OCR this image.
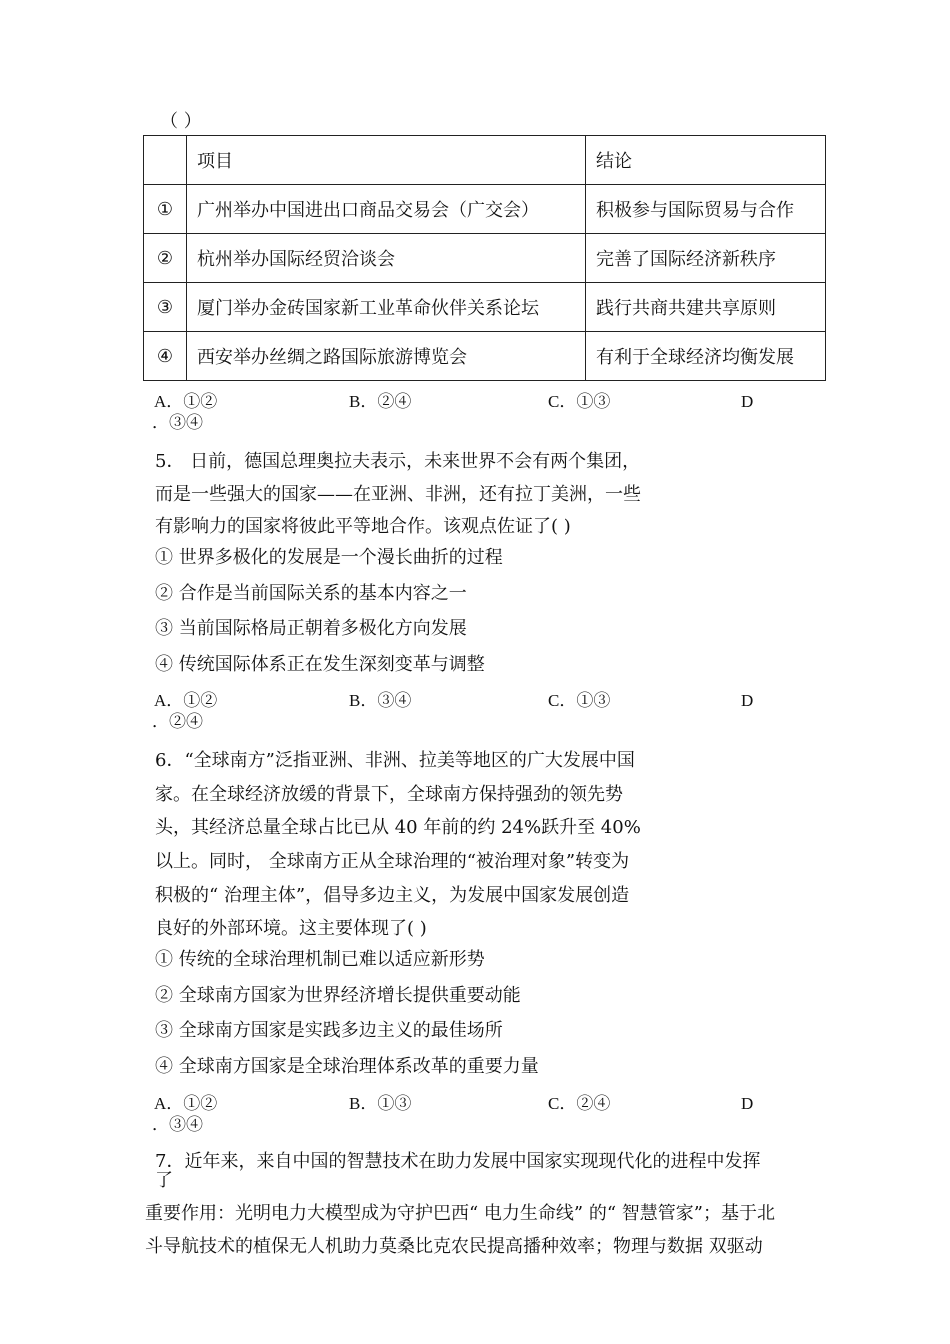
（ ）
	项目	结论
①	广州举办中国进出口商品交易会（广交会）	积极参与国际贸易与合作
②	杭州举办国际经贸洽谈会	完善了国际经济新秩序
③	厦门举办金砖国家新工业革命伙伴关系论坛	践行共商共建共享原则
④	西安举办丝绸之路国际旅游博览会	有利于全球经济均衡发展
A．①②	B．②④	C．①③	D
．③④
5． 日前，德国总理奥拉夫表示，未来世界不会有两个集团，
而是一些强大的国家——在亚洲、非洲，还有拉丁美洲，一些
有影响力的国家将彼此平等地合作。该观点佐证了( )
① 世界多极化的发展是一个漫长曲折的过程
② 合作是当前国际关系的基本内容之一
③ 当前国际格局正朝着多极化方向发展
④ 传统国际体系正在发生深刻变革与调整
A．①②	B．③④	C．①③	D
．②④
6．“全球南方”泛指亚洲、非洲、拉美等地区的广大发展中国
家。在全球经济放缓的背景下，全球南方保持强劲的领先势
头，其经济总量全球占比已从 40 年前的约 24%跃升至 40%
以上。同时， 全球南方正从全球治理的“被治理对象”转变为
积极的“ 治理主体”，倡导多边主义，为发展中国家发展创造
良好的外部环境。这主要体现了( )
① 传统的全球治理机制已难以适应新形势
② 全球南方国家为世界经济增长提供重要动能
③ 全球南方国家是实践多边主义的最佳场所
④ 全球南方国家是全球治理体系改革的重要力量
A．①②	B．①③	C．②④	D
．③④
7．近年来，来自中国的智慧技术在助力发展中国家实现现代化的进程中发挥
了
重要作用：光明电力大模型成为守护巴西“ 电力生命线” 的“ 智慧管家”；基于北
斗导航技术的植保无人机助力莫桑比克农民提高播种效率；物理与数据 双驱动
